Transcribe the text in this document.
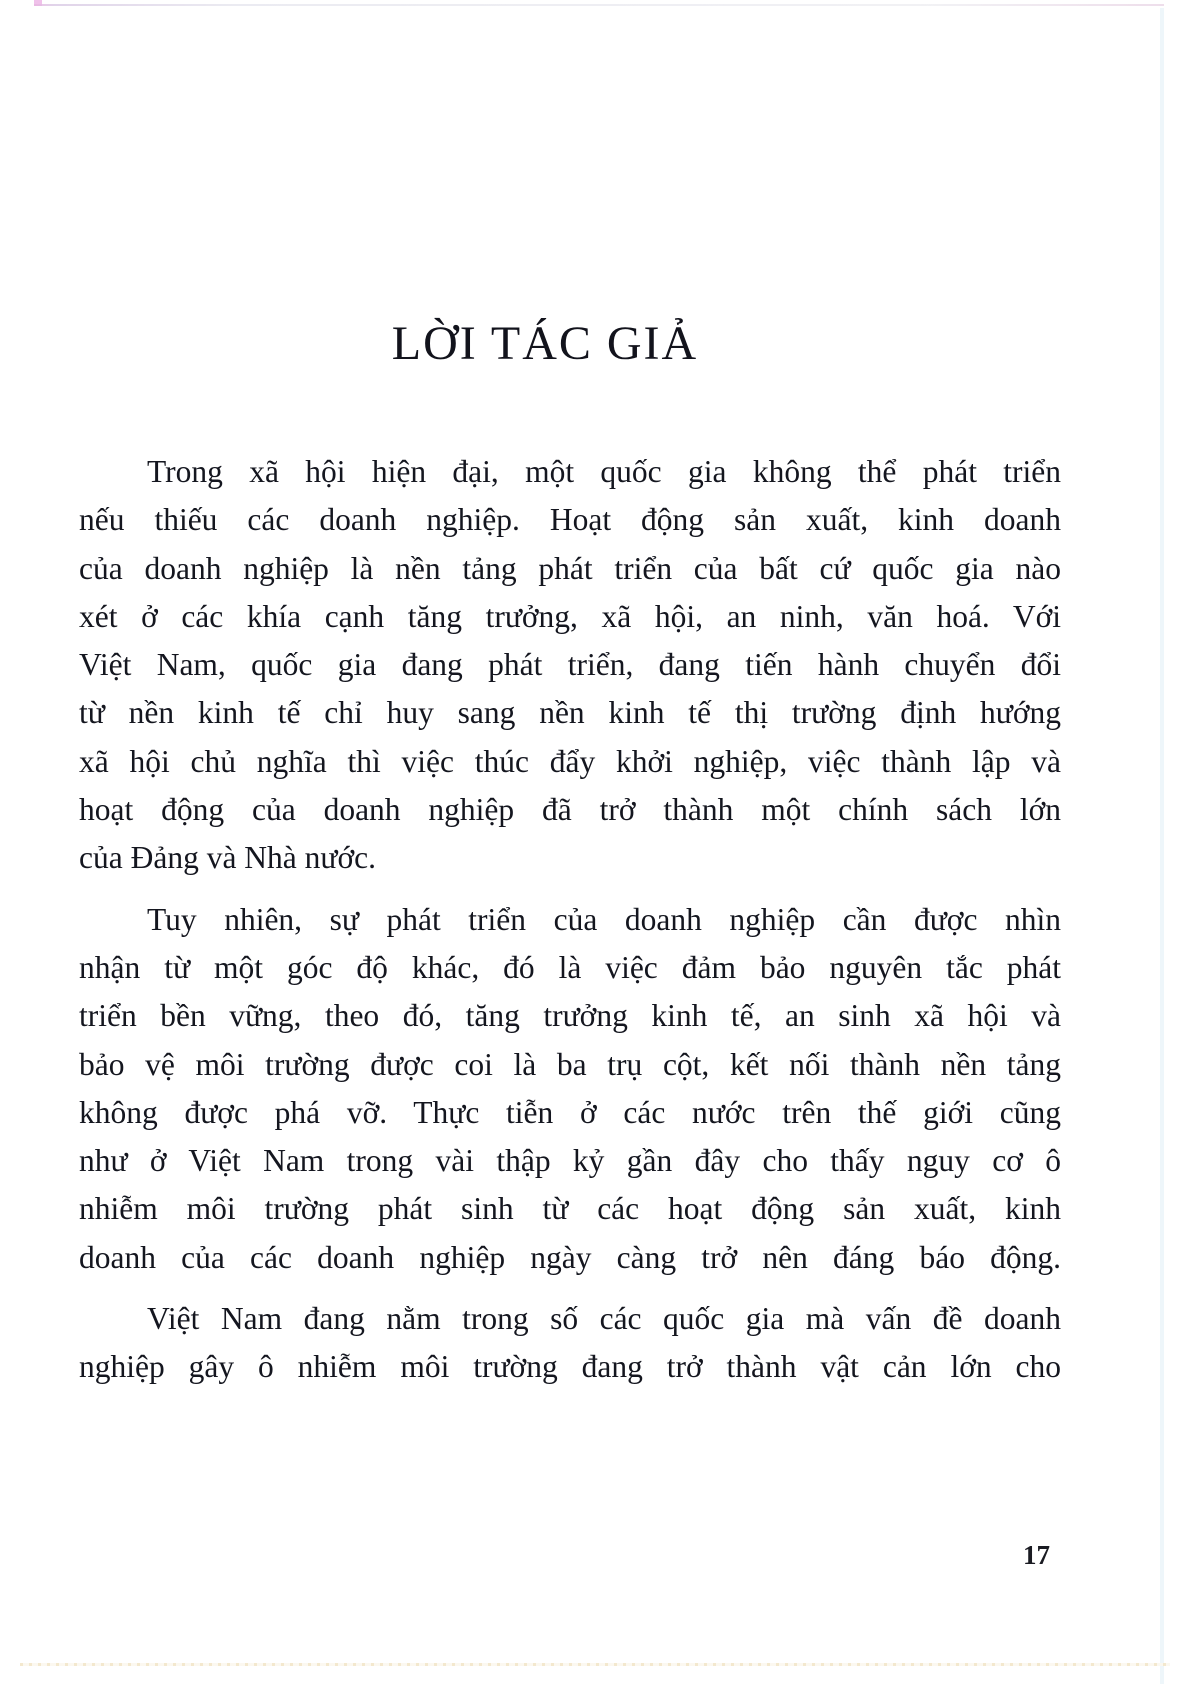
LỜI TÁC GIẢ

Trong xã hội hiện đại, một quốc gia không thể phát triển
nếu thiếu các doanh nghiệp. Hoạt động sản xuất, kinh doanh
của doanh nghiệp là nền tảng phát triển của bất cứ quốc gia nào
xét ở các khía cạnh tăng trưởng, xã hội, an ninh, văn hoá. Với
Việt Nam, quốc gia đang phát triển, đang tiến hành chuyển đổi
từ nền kinh tế chỉ huy sang nền kinh tế thị trường định hướng
xã hội chủ nghĩa thì việc thúc đẩy khởi nghiệp, việc thành lập và
hoạt động của doanh nghiệp đã trở thành một chính sách lớn
của Đảng và Nhà nước.

Tuy nhiên, sự phát triển của doanh nghiệp cần được nhìn
nhận từ một góc độ khác, đó là việc đảm bảo nguyên tắc phát
triển bền vững, theo đó, tăng trưởng kinh tế, an sinh xã hội và
bảo vệ môi trường được coi là ba trụ cột, kết nối thành nền tảng
không được phá vỡ. Thực tiễn ở các nước trên thế giới cũng
như ở Việt Nam trong vài thập kỷ gần đây cho thấy nguy cơ ô
nhiễm môi trường phát sinh từ các hoạt động sản xuất, kinh
doanh của các doanh nghiệp ngày càng trở nên đáng báo động.

Việt Nam đang nằm trong số các quốc gia mà vấn đề doanh
nghiệp gây ô nhiễm môi trường đang trở thành vật cản lớn cho

17
